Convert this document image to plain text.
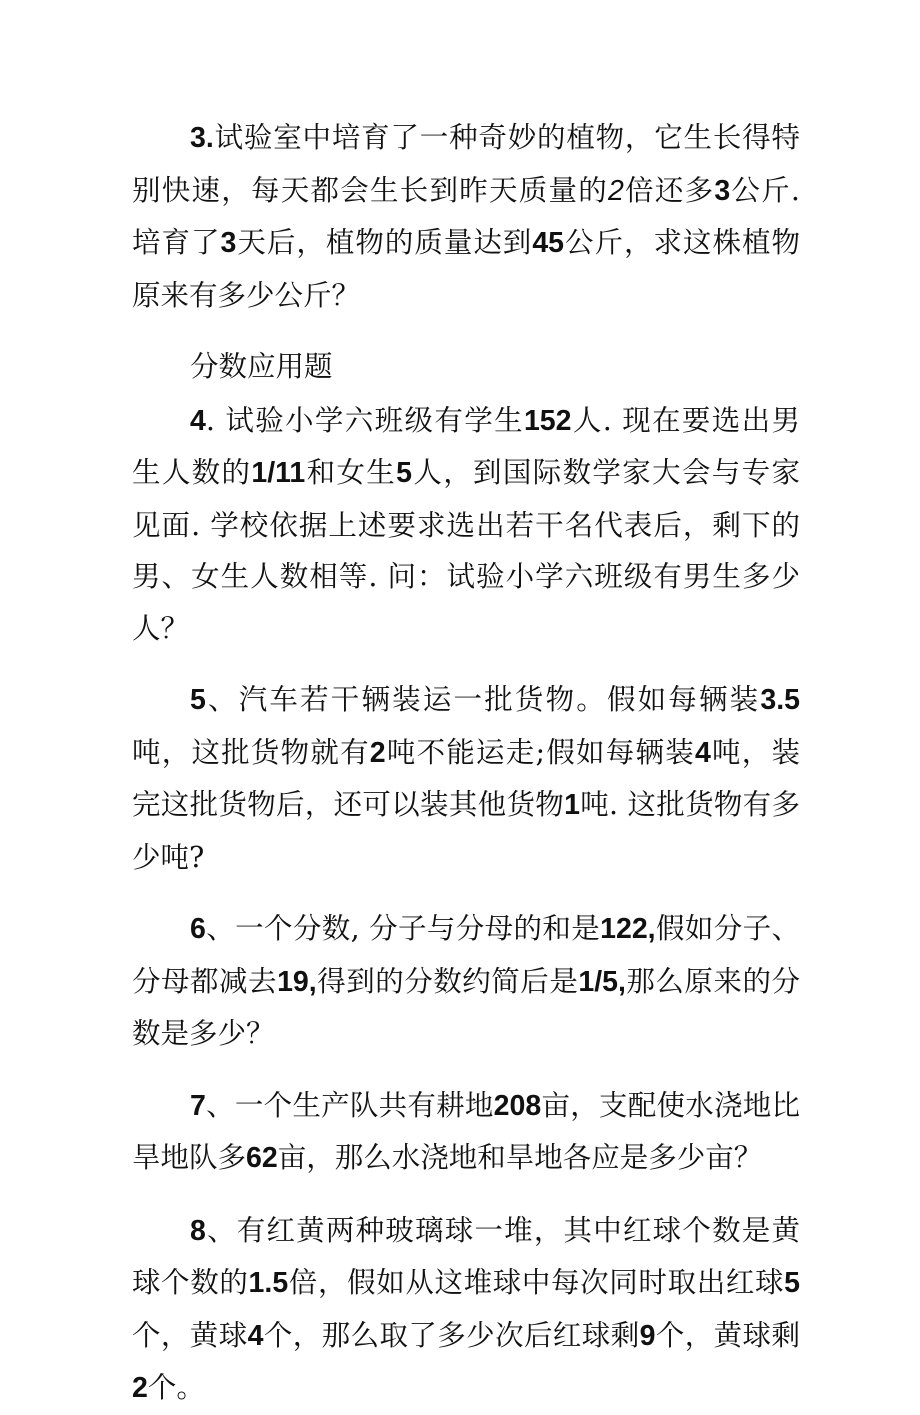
3.试验室中培育了一种奇妙的植物，它生长得特别快速，每天都会生长到昨天质量的2倍还多3公斤. 培育了3天后，植物的质量达到45公斤，求这株植物原来有多少公斤？

分数应用题

4. 试验小学六班级有学生152人. 现在要选出男生人数的1/11和女生5人，到国际数学家大会与专家见面. 学校依据上述要求选出若干名代表后，剩下的男、女生人数相等. 问：试验小学六班级有男生多少人？

5、汽车若干辆装运一批货物。假如每辆装3.5吨，这批货物就有2吨不能运走;假如每辆装4吨，装完这批货物后，还可以装其他货物1吨. 这批货物有多少吨?

6、一个分数, 分子与分母的和是122,假如分子、分母都减去19,得到的分数约简后是1/5,那么原来的分数是多少？

7、一个生产队共有耕地208亩，支配使水浇地比旱地队多62亩，那么水浇地和旱地各应是多少亩？

8、有红黄两种玻璃球一堆，其中红球个数是黄球个数的1.5倍，假如从这堆球中每次同时取出红球5个，黄球4个，那么取了多少次后红球剩9个，黄球剩2个。
